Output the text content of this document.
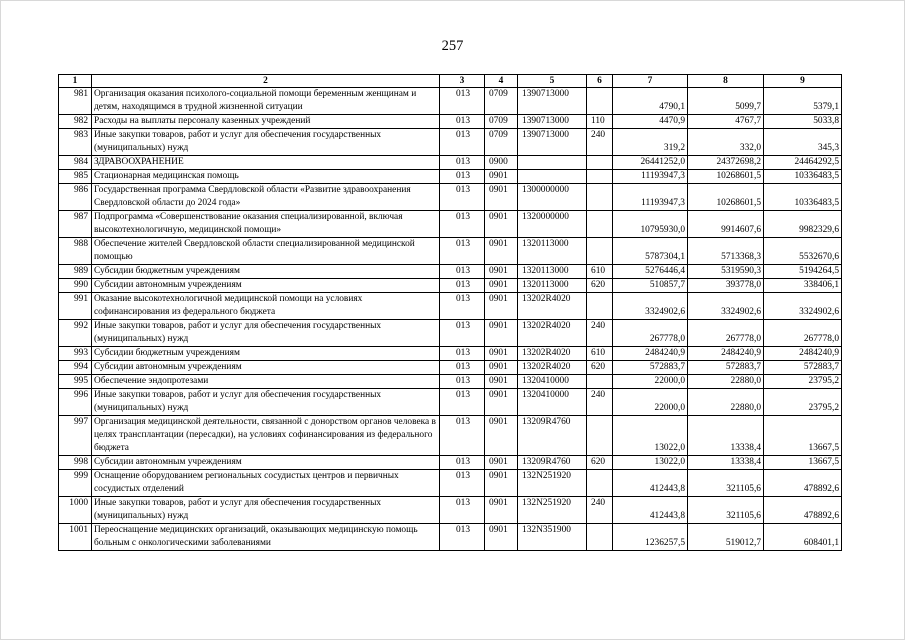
257
1	2	3	4	5	6	7	8	9
981	Организация оказания психолого-социальной помощи беременным женщинам и детям, находящимся в трудной жизненной ситуации	013	0709	1390713000		4790,1	5099,7	5379,1
982	Расходы на выплаты персоналу казенных учреждений	013	0709	1390713000	110	4470,9	4767,7	5033,8
983	Иные закупки товаров, работ и услуг для обеспечения государственных (муниципальных) нужд	013	0709	1390713000	240	319,2	332,0	345,3
984	ЗДРАВООХРАНЕНИЕ	013	0900			26441252,0	24372698,2	24464292,5
985	Стационарная медицинская помощь	013	0901			11193947,3	10268601,5	10336483,5
986	Государственная программа Свердловской области «Развитие здравоохранения Свердловской области до 2024 года»	013	0901	1300000000		11193947,3	10268601,5	10336483,5
987	Подпрограмма «Совершенствование оказания специализированной, включая высокотехнологичную, медицинской помощи»	013	0901	1320000000		10795930,0	9914607,6	9982329,6
988	Обеспечение жителей Свердловской области специализированной медицинской помощью	013	0901	1320113000		5787304,1	5713368,3	5532670,6
989	Субсидии бюджетным учреждениям	013	0901	1320113000	610	5276446,4	5319590,3	5194264,5
990	Субсидии автономным учреждениям	013	0901	1320113000	620	510857,7	393778,0	338406,1
991	Оказание высокотехнологичной медицинской помощи на условиях софинансирования из федерального бюджета	013	0901	13202R4020		3324902,6	3324902,6	3324902,6
992	Иные закупки товаров, работ и услуг для обеспечения государственных (муниципальных) нужд	013	0901	13202R4020	240	267778,0	267778,0	267778,0
993	Субсидии бюджетным учреждениям	013	0901	13202R4020	610	2484240,9	2484240,9	2484240,9
994	Субсидии автономным учреждениям	013	0901	13202R4020	620	572883,7	572883,7	572883,7
995	Обеспечение эндопротезами	013	0901	1320410000		22000,0	22880,0	23795,2
996	Иные закупки товаров, работ и услуг для обеспечения государственных (муниципальных) нужд	013	0901	1320410000	240	22000,0	22880,0	23795,2
997	Организация медицинской деятельности, связанной с донорством органов человека в целях трансплантации (пересадки), на условиях софинансирования из федерального бюджета	013	0901	13209R4760		13022,0	13338,4	13667,5
998	Субсидии автономным учреждениям	013	0901	13209R4760	620	13022,0	13338,4	13667,5
999	Оснащение оборудованием региональных сосудистых центров и первичных сосудистых отделений	013	0901	132N251920		412443,8	321105,6	478892,6
1000	Иные закупки товаров, работ и услуг для обеспечения государственных (муниципальных) нужд	013	0901	132N251920	240	412443,8	321105,6	478892,6
1001	Переоснащение медицинских организаций, оказывающих медицинскую помощь больным с онкологическими заболеваниями	013	0901	132N351900		1236257,5	519012,7	608401,1
